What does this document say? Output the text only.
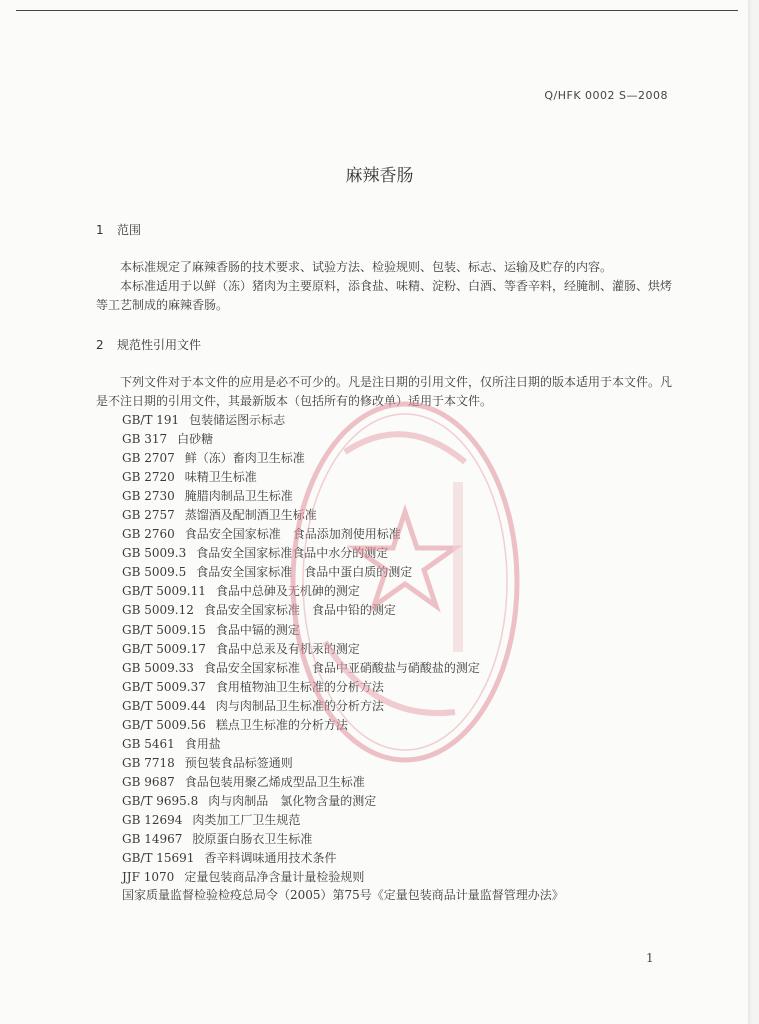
Q/HFK 0002 S—2008
麻辣香肠
1 范围

本标准规定了麻辣香肠的技术要求、试验方法、检验规则、包装、标志、运输及贮存的内容。

本标准适用于以鲜（冻）猪肉为主要原料，添食盐、味精、淀粉、白酒、等香辛料，经腌制、灌肠、烘烤等工艺制成的麻辣香肠。

2 规范性引用文件

下列文件对于本文件的应用是必不可少的。凡是注日期的引用文件，仅所注日期的版本适用于本文件。凡是不注日期的引用文件，其最新版本（包括所有的修改单）适用于本文件。

GB/T 191 包装储运图示标志
GB 317 白砂糖
GB 2707 鲜（冻）畜肉卫生标准
GB 2720 味精卫生标准
GB 2730 腌腊肉制品卫生标准
GB 2757 蒸馏酒及配制酒卫生标准
GB 2760 食品安全国家标准　食品添加剂使用标准
GB 5009.3 食品安全国家标准食品中水分的测定
GB 5009.5 食品安全国家标准　食品中蛋白质的测定
GB/T 5009.11 食品中总砷及无机砷的测定
GB 5009.12 食品安全国家标准　食品中铅的测定
GB/T 5009.15 食品中镉的测定
GB/T 5009.17 食品中总汞及有机汞的测定
GB 5009.33 食品安全国家标准　食品中亚硝酸盐与硝酸盐的测定
GB/T 5009.37 食用植物油卫生标准的分析方法
GB/T 5009.44 肉与肉制品卫生标准的分析方法
GB/T 5009.56 糕点卫生标准的分析方法
GB 5461 食用盐
GB 7718 预包装食品标签通则
GB 9687 食品包装用聚乙烯成型品卫生标准
GB/T 9695.8 肉与肉制品　氯化物含量的测定
GB 12694 肉类加工厂卫生规范
GB 14967 胶原蛋白肠衣卫生标准
GB/T 15691 香辛料调味通用技术条件
JJF 1070 定量包装商品净含量计量检验规则
国家质量监督检验检疫总局令（2005）第75号《定量包装商品计量监督管理办法》
1
